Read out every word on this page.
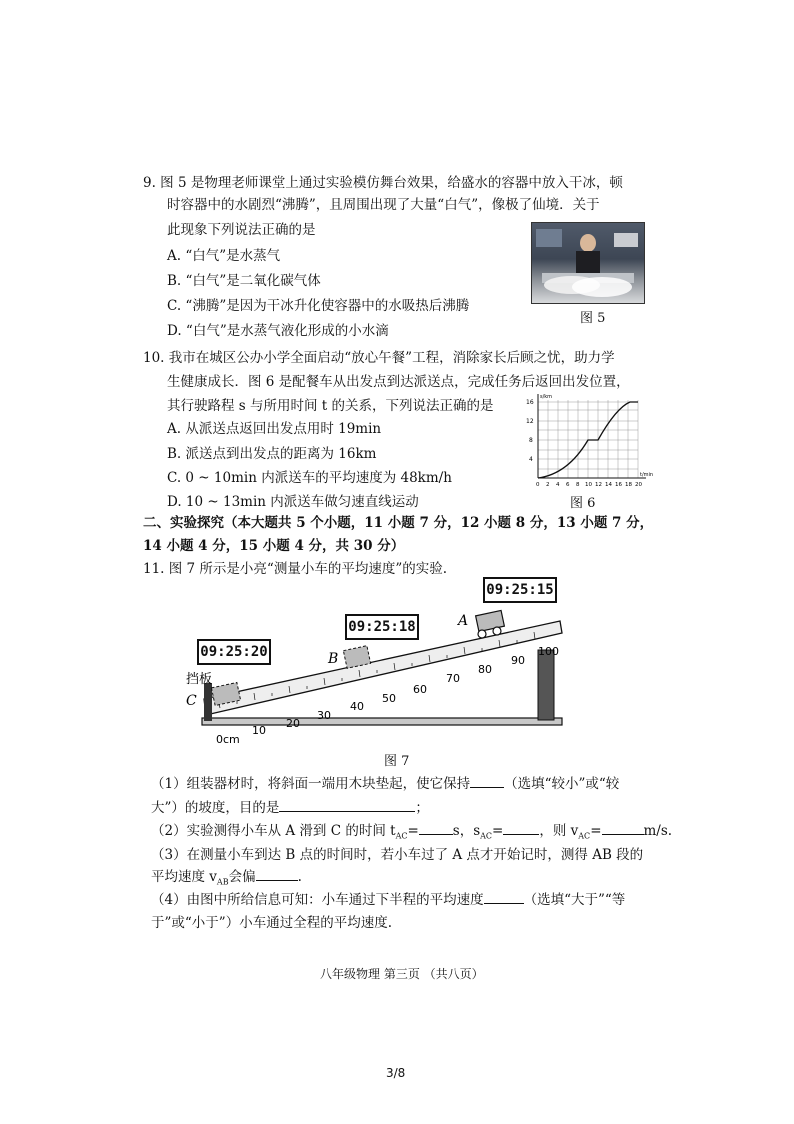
9. 图 5 是物理老师课堂上通过实验模仿舞台效果，给盛水的容器中放入干冰，顿
时容器中的水剧烈“沸腾”，且周围出现了大量“白气”，像极了仙境．关于
此现象下列说法正确的是
A. “白气”是水蒸气
B. “白气”是二氧化碳气体
C. “沸腾”是因为干冰升化使容器中的水吸热后沸腾
D. “白气”是水蒸气液化形成的小水滴
图 5
10. 我市在城区公办小学全面启动“放心午餐”工程，消除家长后顾之忧，助力学
生健康成长．图 6 是配餐车从出发点到达派送点，完成任务后返回出发位置，
其行驶路程 s 与所用时间 t 的关系，下列说法正确的是
A. 从派送点返回出发点用时 19min
B. 派送点到出发点的距离为 16km
C. 0 ~ 10min 内派送车的平均速度为 48km/h
D. 10 ~ 13min 内派送车做匀速直线运动
s/km
t/min
16
12
8
4
0 2 4 6 8 10 12 14 16 18 20
图 6
二、实验探究（本大题共 5 个小题，11 小题 7 分，12 小题 8 分，13 小题 7 分，
14 小题 4 分，15 小题 4 分，共 30 分）
11. 图 7 所示是小亮“测量小车的平均速度”的实验.
A
B
C
挡板
0cm
10
20
30
40
50
60
70
80
90
100
09:25:15
09:25:18
09:25:20
图 7
（1）组装器材时，将斜面一端用木块垫起，使它保持	（选填“较小”或“较
大”）的坡度，目的是	；
（2）实验测得小车从 A 滑到 C 的时间 $t_{AC}=$	s，$s_{AC}=$	，则 $v_{AC}=$	m/s.
（3）在测量小车到达 B 点的时间时，若小车过了 A 点才开始记时，测得 AB 段的
平均速度 $v_{AB}$会偏	.
（4）由图中所给信息可知：小车通过下半程的平均速度	（选填“大于”“等
于”或“小于”）小车通过全程的平均速度.
八年级物理 第三页 （共八页）
3/8
